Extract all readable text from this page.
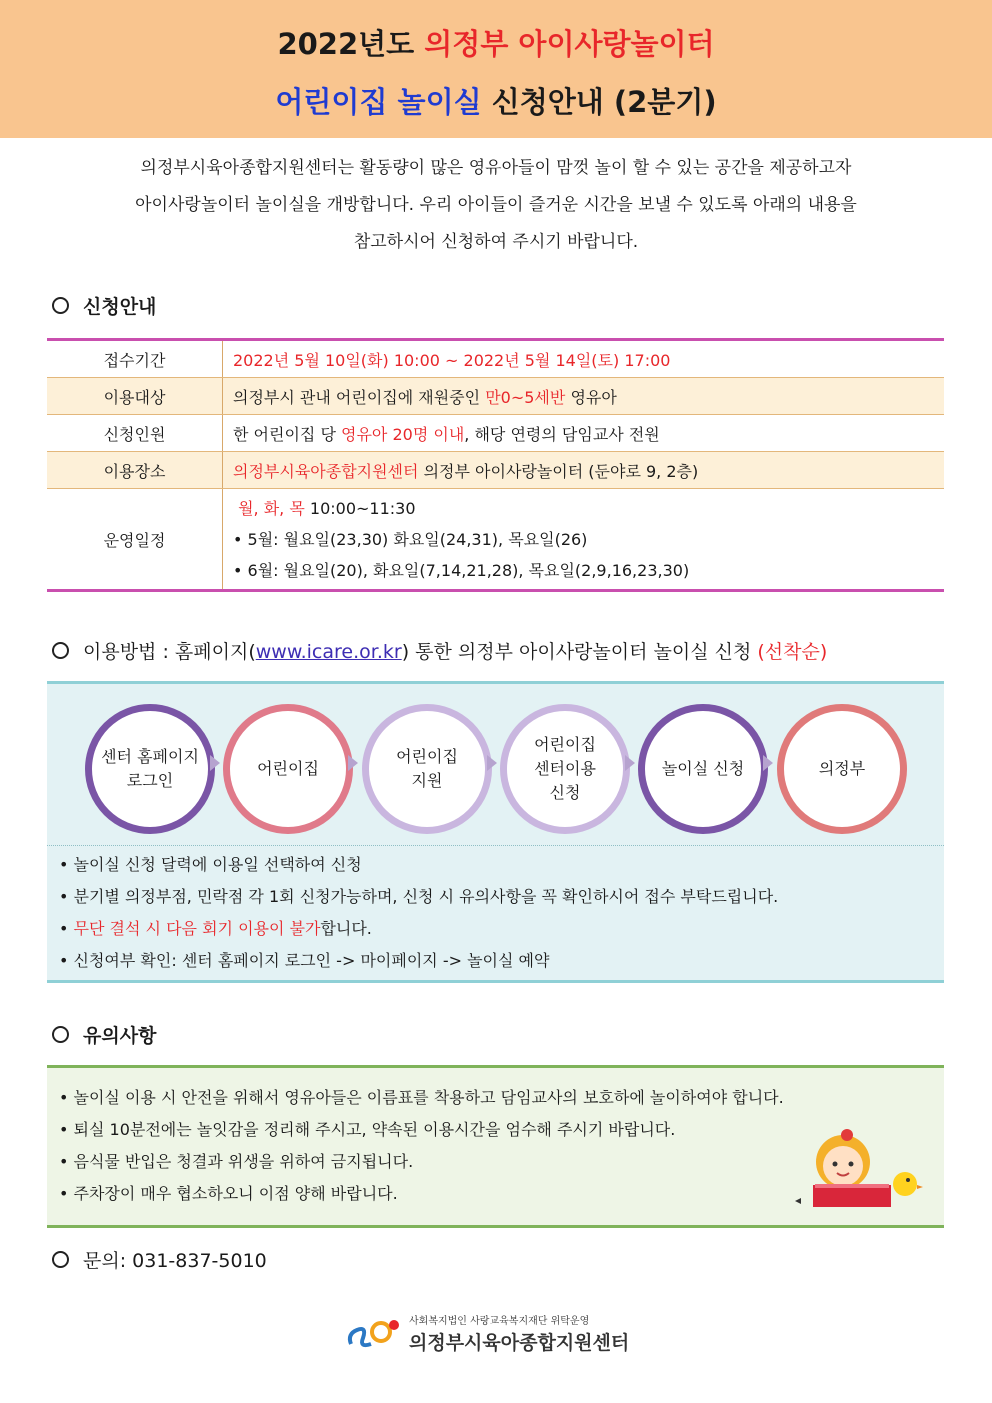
2022년도 의정부 아이사랑놀이터
어린이집 놀이실 신청안내 (2분기)
의정부시육아종합지원센터는 활동량이 많은 영유아들이 맘껏 놀이 할 수 있는 공간을 제공하고자
아이사랑놀이터 놀이실을 개방합니다. 우리 아이들이 즐거운 시간을 보낼 수 있도록 아래의 내용을
참고하시어 신청하여 주시기 바랍니다.
신청안내
접수기간	2022년 5월 10일(화) 10:00 ~ 2022년 5월 14일(토) 17:00
이용대상	의정부시 관내 어린이집에 재원중인 만0~5세반 영유아
신청인원	한 어린이집 당 영유아 20명 이내, 해당 연령의 담임교사 전원
이용장소	의정부시육아종합지원센터 의정부 아이사랑놀이터 (둔야로 9, 2층)
운영일정	월, 화, 목 10:00~11:30
• 5월: 월요일(23,30) 화요일(24,31), 목요일(26)
• 6월: 월요일(20), 화요일(7,14,21,28), 목요일(2,9,16,23,30)
이용방법 : 홈페이지(www.icare.or.kr) 통한 의정부 아이사랑놀이터 놀이실 신청 (선착순)
센터 홈페이지
로그인
어린이집
어린이집
지원
어린이집
센터이용
신청
놀이실 신청	의정부
• 놀이실 신청 달력에 이용일 선택하여 신청
• 분기별 의정부점, 민락점 각 1회 신청가능하며, 신청 시 유의사항을 꼭 확인하시어 접수 부탁드립니다.
• 무단 결석 시 다음 회기 이용이 불가합니다.
• 신청여부 확인: 센터 홈페이지 로그인 -> 마이페이지 -> 놀이실 예약
유의사항
• 놀이실 이용 시 안전을 위해서 영유아들은 이름표를 착용하고 담임교사의 보호하에 놀이하여야 합니다.
• 퇴실 10분전에는 놀잇감을 정리해 주시고, 약속된 이용시간을 엄수해 주시기 바랍니다.
• 음식물 반입은 청결과 위생을 위하여 금지됩니다.
• 주차장이 매우 협소하오니 이점 양해 바랍니다.
문의: 031-837-5010
사회복지법인 사랑교육복지재단 위탁운영
의정부시육아종합지원센터
